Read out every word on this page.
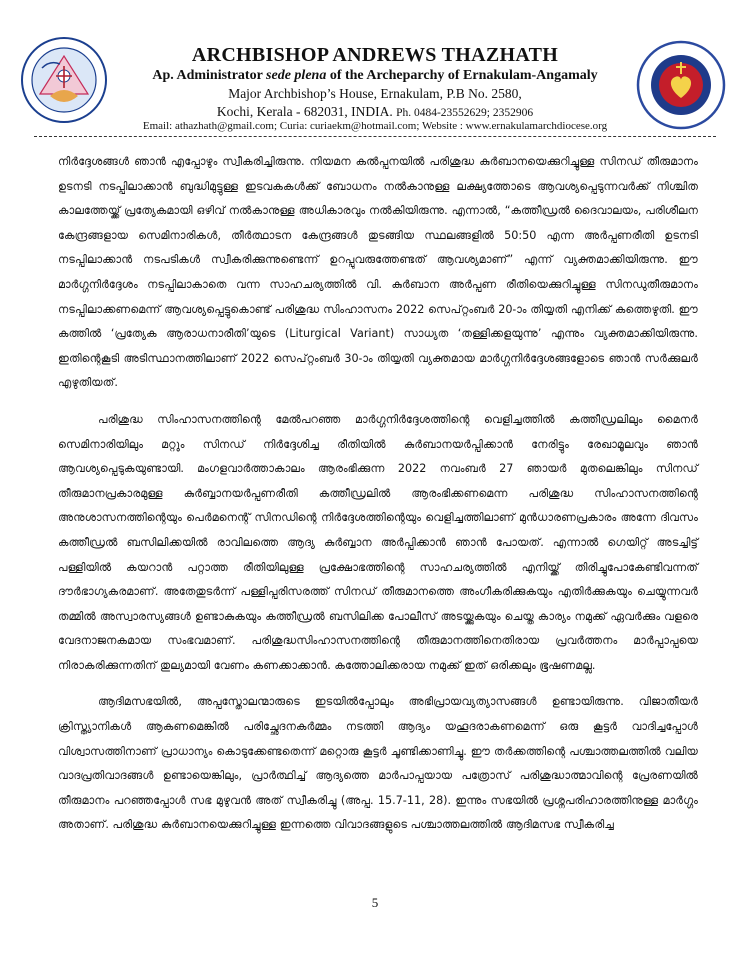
ARCHBISHOP ANDREWS THAZHATH
Ap. Administrator sede plena of the Archeparchy of Ernakulam-Angamaly
Major Archbishop’s House, Ernakulam, P.B No. 2580,
Kochi, Kerala - 682031, INDIA. Ph. 0484-23552629; 2352906
Email: athazhath@gmail.com; Curia: curiaekm@hotmail.com; Website : www.ernakulamarchdiocese.org

നിർദ്ദേശങ്ങൾ ഞാൻ എപ്പോഴും സ്വീകരിച്ചിരുന്നു. നിയമന കൽപ്പനയിൽ പരിശുദ്ധ കുർബാനയെക്കുറിച്ചുള്ള സിനഡ് തീരുമാനം ഉടനടി നടപ്പിലാക്കാൻ ബുദ്ധിമുട്ടുള്ള ഇടവകകൾക്ക് ബോധനം നൽകാനുള്ള ലക്ഷ്യത്തോടെ ആവശ്യപ്പെടുന്നവർക്ക് നിശ്ചിത കാലത്തേയ്ക്ക് പ്രത്യേകമായി ഒഴിവ് നൽകാനുള്ള അധികാരവും നൽകിയിരുന്നു. എന്നാൽ, “കത്തീഡ്രൽ ദൈവാലയം, പരിശീലന കേന്ദ്രങ്ങളായ സെമിനാരികൾ, തീർത്ഥാടന കേന്ദ്രങ്ങൾ തുടങ്ങിയ സ്ഥലങ്ങളിൽ 50:50 എന്ന അർപ്പണരീതി ഉടനടി നടപ്പിലാക്കാൻ നടപടികൾ സ്വീകരിക്കുന്നുണ്ടെന്ന് ഉറപ്പുവരുത്തേണ്ടത് ആവശ്യമാണ്” എന്ന് വ്യക്തമാക്കിയിരുന്നു. ഈ മാർഗ്ഗനിർദ്ദേശം നടപ്പിലാകാതെ വന്ന സാഹചര്യത്തിൽ വി. കുർബാന അർപ്പണ രീതിയെക്കുറിച്ചുള്ള സിനഡുതീരുമാനം നടപ്പിലാക്കണമെന്ന് ആവശ്യപ്പെട്ടുകൊണ്ട് പരിശുദ്ധ സിംഹാസനം 2022 സെപ്റ്റംബർ 20-ാം തിയ്യതി എനിക്ക് കത്തെഴുതി. ഈ കത്തിൽ ‘പ്രത്യേക ആരാധനാരീതി’യുടെ (Liturgical Variant) സാധ്യത ‘തള്ളിക്കളയുന്നു’ എന്നും വ്യക്തമാക്കിയിരുന്നു. ഇതിന്റെകൂടി അടിസ്ഥാനത്തിലാണ് 2022 സെപ്റ്റംബർ 30-ാം തിയ്യതി വ്യക്തമായ മാർഗ്ഗനിർദ്ദേശങ്ങളോടെ ഞാൻ സർക്കുലർ എഴുതിയത്.

പരിശുദ്ധ സിംഹാസനത്തിന്റെ മേൽപറഞ്ഞ മാർഗ്ഗനിർദ്ദേശത്തിന്റെ വെളിച്ചത്തിൽ കത്തീഡ്രലിലും മൈനർ സെമിനാരിയിലും മറ്റും സിനഡ് നിർദ്ദേശിച്ച രീതിയിൽ കുർബാനയർപ്പിക്കാൻ നേരിട്ടും രേഖാമൂലവും ഞാൻ ആവശ്യപ്പെടുകയുണ്ടായി. മംഗളവാർത്താകാലം ആരംഭിക്കുന്ന 2022 നവംബർ 27 ഞായർ മുതലെങ്കിലും സിനഡ് തീരുമാനപ്രകാരമുള്ള കുർബ്ബാനയർപ്പണരീതി കത്തീഡ്രലിൽ ആരംഭിക്കണമെന്ന പരിശുദ്ധ സിംഹാസനത്തിന്റെ അനുശാസനത്തിന്റെയും പെർമനെന്റ് സിനഡിന്റെ നിർദ്ദേശത്തിന്റെയും വെളിച്ചത്തിലാണ് മുൻധാരണപ്രകാരം അന്നേ ദിവസം കത്തീഡ്രൽ ബസിലിക്കയിൽ രാവിലത്തെ ആദ്യ കുർബ്ബാന അർപ്പിക്കാൻ ഞാൻ പോയത്. എന്നാൽ ഗെയിറ്റ് അടച്ചിട്ട് പള്ളിയിൽ കയറാൻ പറ്റാത്ത രീതിയിലുള്ള പ്രക്ഷോഭത്തിന്റെ സാഹചര്യത്തിൽ എനിയ്ക്ക് തിരിച്ചുപോകേണ്ടിവന്നത് ദൗർഭാഗ്യകരമാണ്. അതേതുടർന്ന് പള്ളിപ്പരിസരത്ത് സിനഡ് തീരുമാനത്തെ അംഗീകരിക്കുകയും എതിർക്കുകയും ചെയ്യുന്നവർ തമ്മിൽ അസ്വാരസ്യങ്ങൾ ഉണ്ടാകുകയും കത്തീഡ്രൽ ബസിലിക്ക പോലീസ് അടയ്ക്കുകയും ചെയ്ത കാര്യം നമുക്ക് ഏവർക്കും വളരെ വേദനാജനകമായ സംഭവമാണ്. പരിശുദ്ധസിംഹാസനത്തിന്റെ തീരുമാനത്തിനെതിരായ പ്രവർത്തനം മാർപ്പാപ്പയെ നിരാകരിക്കുന്നതിന് തുല്യമായി വേണം കണക്കാക്കാൻ. കത്തോലിക്കരായ നമുക്ക് ഇത് ഒരിക്കലും ഭൂഷണമല്ല.

ആദിമസഭയിൽ, അപ്പസ്തോലന്മാരുടെ ഇടയിൽപ്പോലും അഭിപ്രായവ്യത്യാസങ്ങൾ ഉണ്ടായിരുന്നു. വിജാതീയർ ക്രിസ്ത്യാനികൾ ആകണമെങ്കിൽ പരിച്ഛേദനകർമ്മം നടത്തി ആദ്യം യഹൂദരാകണമെന്ന് ഒരു കൂട്ടർ വാദിച്ചപ്പോൾ വിശ്വാസത്തിനാണ് പ്രാധാന്യം കൊടുക്കേണ്ടതെന്ന് മറ്റൊരു കൂട്ടർ ചൂണ്ടിക്കാണിച്ചു. ഈ തർക്കത്തിന്റെ പശ്ചാത്തലത്തിൽ വലിയ വാദപ്രതിവാദങ്ങൾ ഉണ്ടായെങ്കിലും, പ്രാർത്ഥിച്ച് ആദ്യത്തെ മാർപാപ്പയായ പത്രോസ് പരിശുദ്ധാത്മാവിന്റെ പ്രേരണയിൽ തീരുമാനം പറഞ്ഞപ്പോൾ സഭ മുഴുവൻ അത് സ്വീകരിച്ചു (അപ്പ. 15.7-11, 28). ഇന്നും സഭയിൽ പ്രശ്നപരിഹാരത്തിനുള്ള മാർഗ്ഗം അതാണ്. പരിശുദ്ധ കുർബാനയെക്കുറിച്ചുള്ള ഇന്നത്തെ വിവാദങ്ങളുടെ പശ്ചാത്തലത്തിൽ ആദിമസഭ സ്വീകരിച്ച

5
